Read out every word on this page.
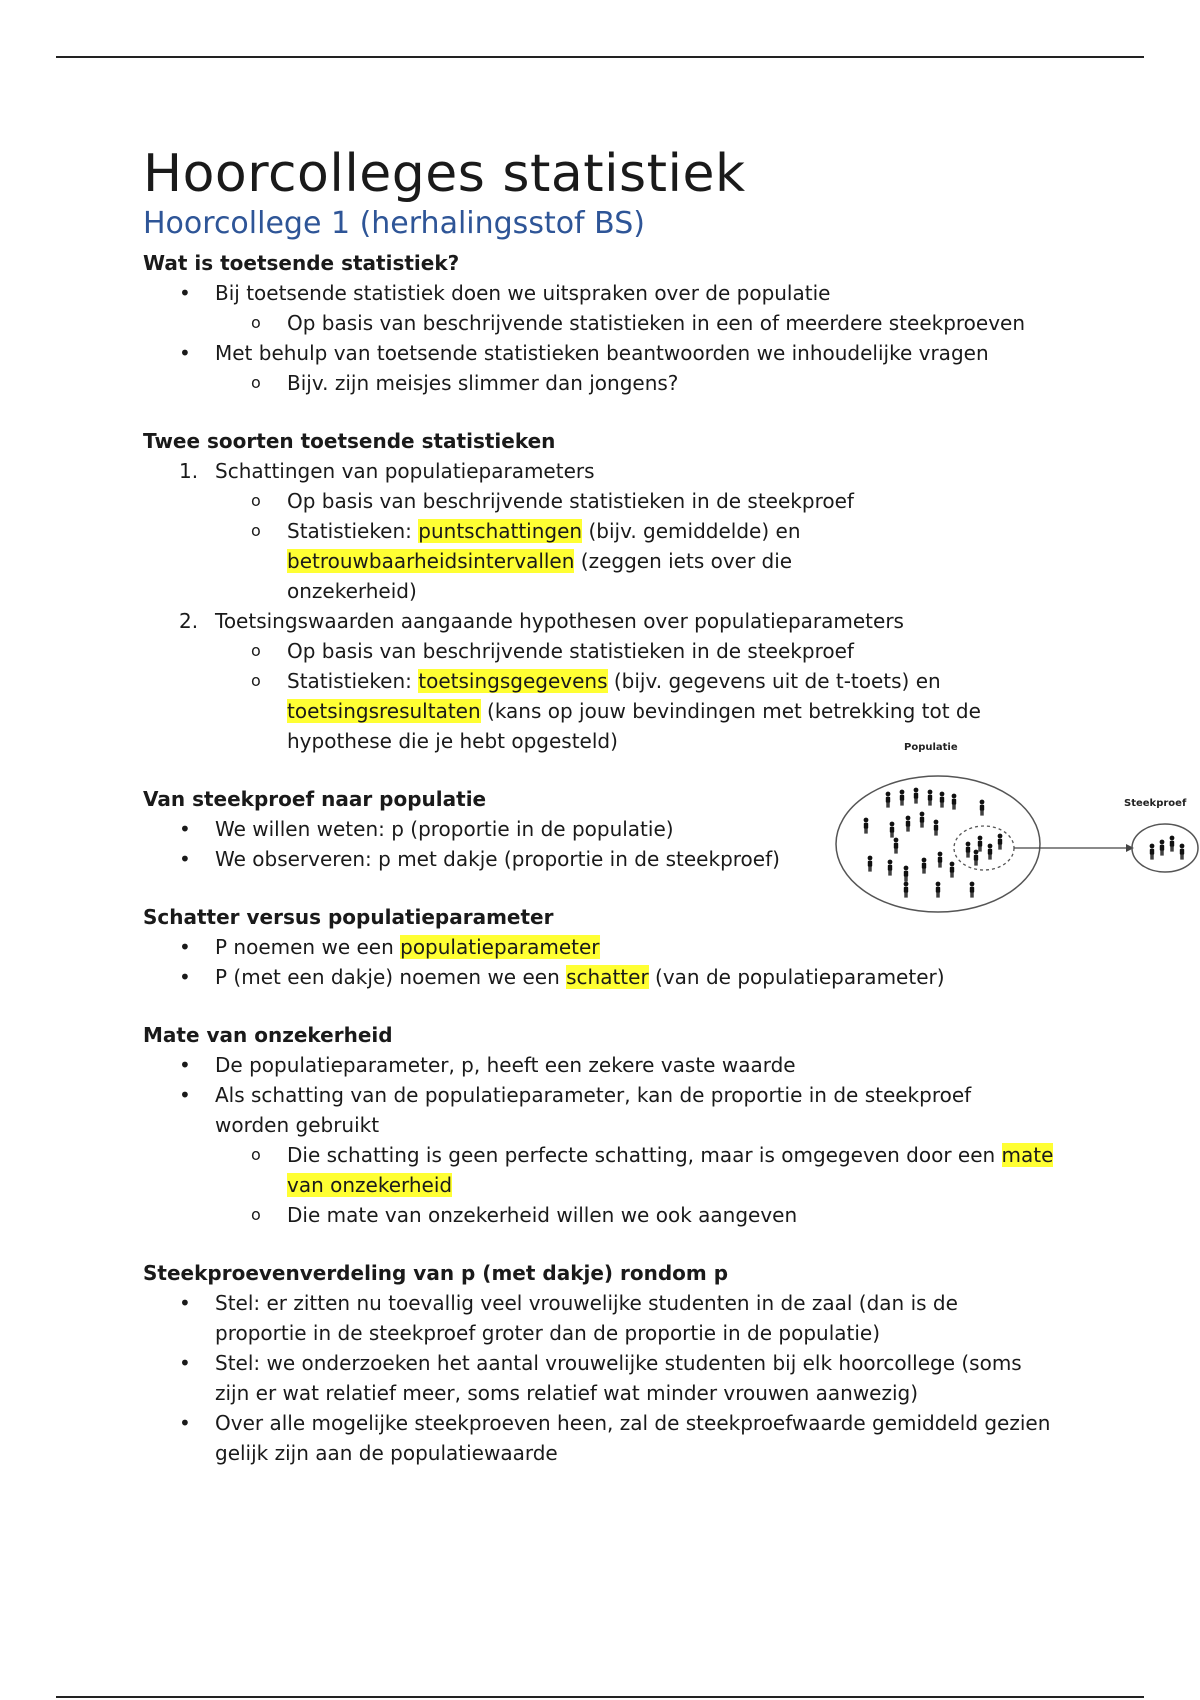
Hoorcolleges statistiek
Hoorcollege 1 (herhalingsstof BS)

Wat is toetsende statistiek?

•	Bij toetsende statistiek doen we uitspraken over de populatie
o	Op basis van beschrijvende statistieken in een of meerdere steekproeven
•	Met behulp van toetsende statistieken beantwoorden we inhoudelijke vragen
o	Bijv. zijn meisjes slimmer dan jongens?

Twee soorten toetsende statistieken

1. Schattingen van populatieparameters
o	Op basis van beschrijvende statistieken in de steekproef
o	Statistieken: puntschattingen (bijv. gemiddelde) en
betrouwbaarheidsintervallen (zeggen iets over die onzekerheid)
2. Toetsingswaarden aangaande hypothesen over populatieparameters
o	Op basis van beschrijvende statistieken in de steekproef
o	Statistieken: toetsingsgegevens (bijv. gegevens uit de t-toets) en
toetsingsresultaten (kans op jouw bevindingen met betrekking tot de hypothese die je hebt opgesteld)

Van steekproef naar populatie

•	We willen weten: p (proportie in de populatie)
•	We observeren: p met dakje (proportie in de steekproef)

Schatter versus populatieparameter

•	P noemen we een populatieparameter
•	P (met een dakje) noemen we een schatter (van de populatieparameter)

Mate van onzekerheid

•	De populatieparameter, p, heeft een zekere vaste waarde
•	Als schatting van de populatieparameter, kan de proportie in de steekproef worden gebruikt
o	Die schatting is geen perfecte schatting, maar is omgegeven door een mate van onzekerheid
o	Die mate van onzekerheid willen we ook aangeven

Steekproevenverdeling van p (met dakje) rondom p

•	Stel: er zitten nu toevallig veel vrouwelijke studenten in de zaal (dan is de proportie in de steekproef groter dan de proportie in de populatie)
•	Stel: we onderzoeken het aantal vrouwelijke studenten bij elk hoorcollege (soms zijn er wat relatief meer, soms relatief wat minder vrouwen aanwezig)
•	Over alle mogelijke steekproeven heen, zal de steekproefwaarde gemiddeld gezien gelijk zijn aan de populatiewaarde
Populatie
Steekproef
